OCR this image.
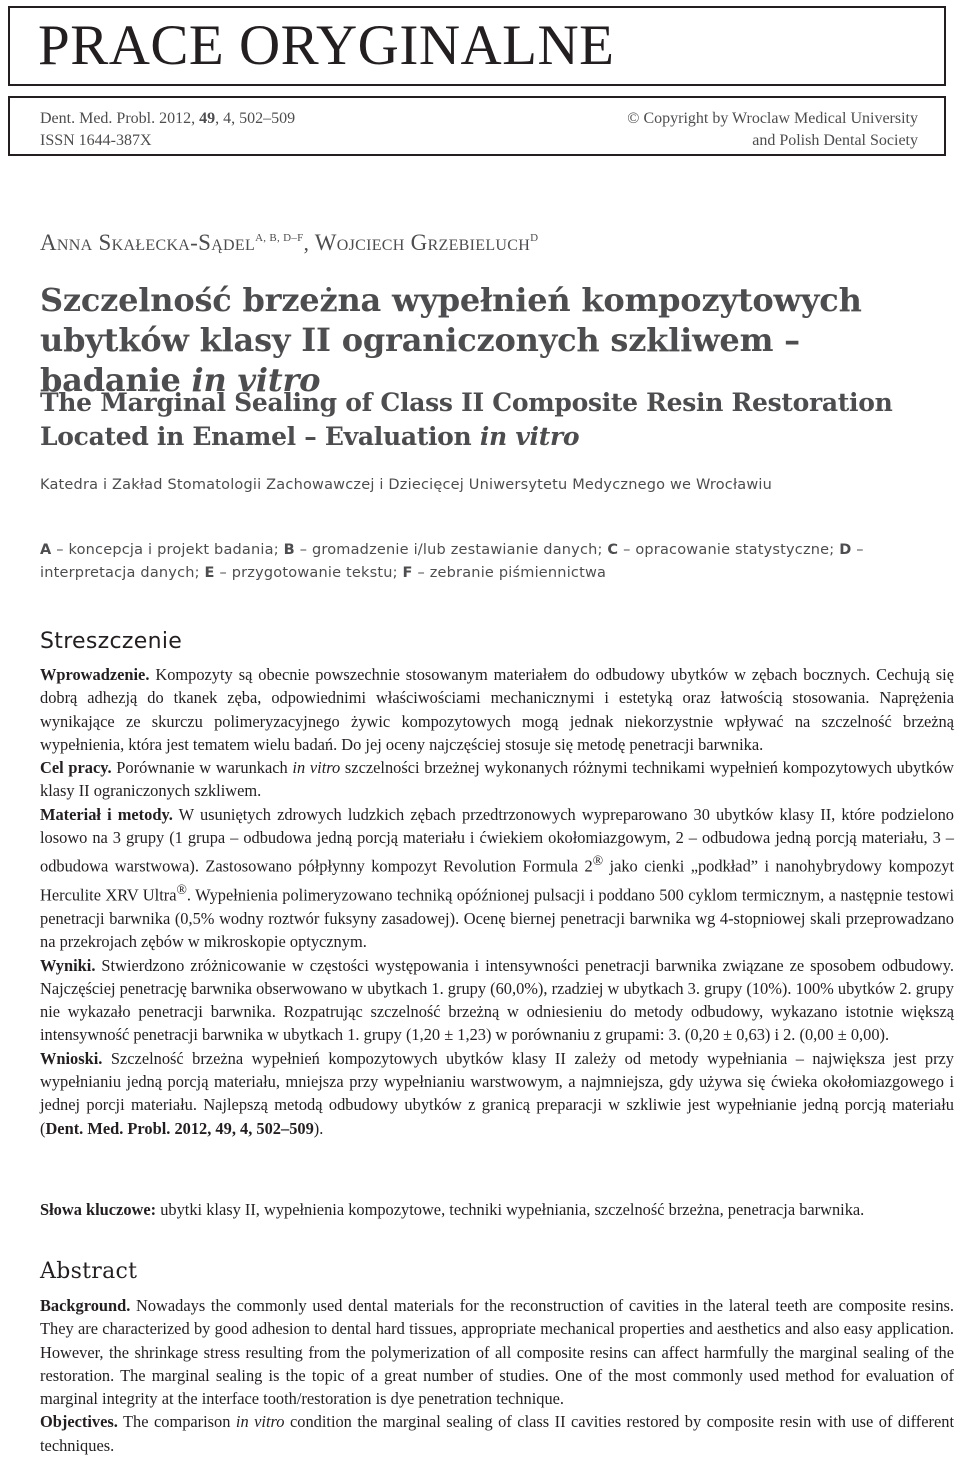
PRACE ORYGINALNE
Dent. Med. Probl. 2012, 49, 4, 502–509
ISSN 1644-387X
© Copyright by Wroclaw Medical University
and Polish Dental Society
Anna Skałecka-Sądel$^{A, B, D-F}$, Wojciech Grzebieluch$^D$
Szczelność brzeżna wypełnień kompozytowych ubytków klasy II ograniczonych szkliwem – badanie in vitro
The Marginal Sealing of Class II Composite Resin Restoration Located in Enamel – Evaluation in vitro
Katedra i Zakład Stomatologii Zachowawczej i Dziecięcej Uniwersytetu Medycznego we Wrocławiu
A – koncepcja i projekt badania; B – gromadzenie i/lub zestawianie danych; C – opracowanie statystyczne; D – interpretacja danych; E – przygotowanie tekstu; F – zebranie piśmiennictwa
Streszczenie

Wprowadzenie. Kompozyty są obecnie powszechnie stosowanym materiałem do odbudowy ubytków w zębach bocznych. Cechują się dobrą adhezją do tkanek zęba, odpowiednimi właściwościami mechanicznymi i estetyką oraz łatwością stosowania. Naprężenia wynikające ze skurczu polimeryzacyjnego żywic kompozytowych mogą jednak niekorzystnie wpływać na szczelność brzeżną wypełnienia, która jest tematem wielu badań. Do jej oceny najczęściej stosuje się metodę penetracji barwnika.

Cel pracy. Porównanie w warunkach in vitro szczelności brzeżnej wykonanych różnymi technikami wypełnień kompozytowych ubytków klasy II ograniczonych szkliwem.

Materiał i metody. W usuniętych zdrowych ludzkich zębach przedtrzonowych wypreparowano 30 ubytków klasy II, które podzielono losowo na 3 grupy (1 grupa – odbudowa jedną porcją materiału i ćwiekiem okołomiazgowym, 2 – odbudowa jedną porcją materiału, 3 – odbudowa warstwowa). Zastosowano półpłynny kompozyt Revolution Formula 2® jako cienki „podkład” i nanohybrydowy kompozyt Herculite XRV Ultra®. Wypełnienia polimeryzowano techniką opóźnionej pulsacji i poddano 500 cyklom termicznym, a następnie testowi penetracji barwnika (0,5% wodny roztwór fuksyny zasadowej). Ocenę biernej penetracji barwnika wg 4-stopniowej skali przeprowadzano na przekrojach zębów w mikroskopie optycznym.

Wyniki. Stwierdzono zróżnicowanie w częstości występowania i intensywności penetracji barwnika związane ze sposobem odbudowy. Najczęściej penetrację barwnika obserwowano w ubytkach 1. grupy (60,0%), rzadziej w ubytkach 3. grupy (10%). 100% ubytków 2. grupy nie wykazało penetracji barwnika. Rozpatrując szczelność brzeżną w odniesieniu do metody odbudowy, wykazano istotnie większą intensywność penetracji barwnika w ubytkach 1. grupy (1,20 ± 1,23) w porównaniu z grupami: 3. (0,20 ± 0,63) i 2. (0,00 ± 0,00).

Wnioski. Szczelność brzeżna wypełnień kompozytowych ubytków klasy II zależy od metody wypełniania – największa jest przy wypełnianiu jedną porcją materiału, mniejsza przy wypełnianiu warstwowym, a najmniejsza, gdy używa się ćwieka okołomiazgowego i jednej porcji materiału. Najlepszą metodą odbudowy ubytków z granicą preparacji w szkliwie jest wypełnianie jedną porcją materiału (Dent. Med. Probl. 2012, 49, 4, 502–509).

Słowa kluczowe: ubytki klasy II, wypełnienia kompozytowe, techniki wypełniania, szczelność brzeżna, penetracja barwnika.

Abstract

Background. Nowadays the commonly used dental materials for the reconstruction of cavities in the lateral teeth are composite resins. They are characterized by good adhesion to dental hard tissues, appropriate mechanical properties and aesthetics and also easy application. However, the shrinkage stress resulting from the polymerization of all composite resins can affect harmfully the marginal sealing of the restoration. The marginal sealing is the topic of a great number of studies. One of the most commonly used method for evaluation of marginal integrity at the interface tooth/restoration is dye penetration technique.

Objectives. The comparison in vitro condition the marginal sealing of class II cavities restored by composite resin with use of different techniques.
